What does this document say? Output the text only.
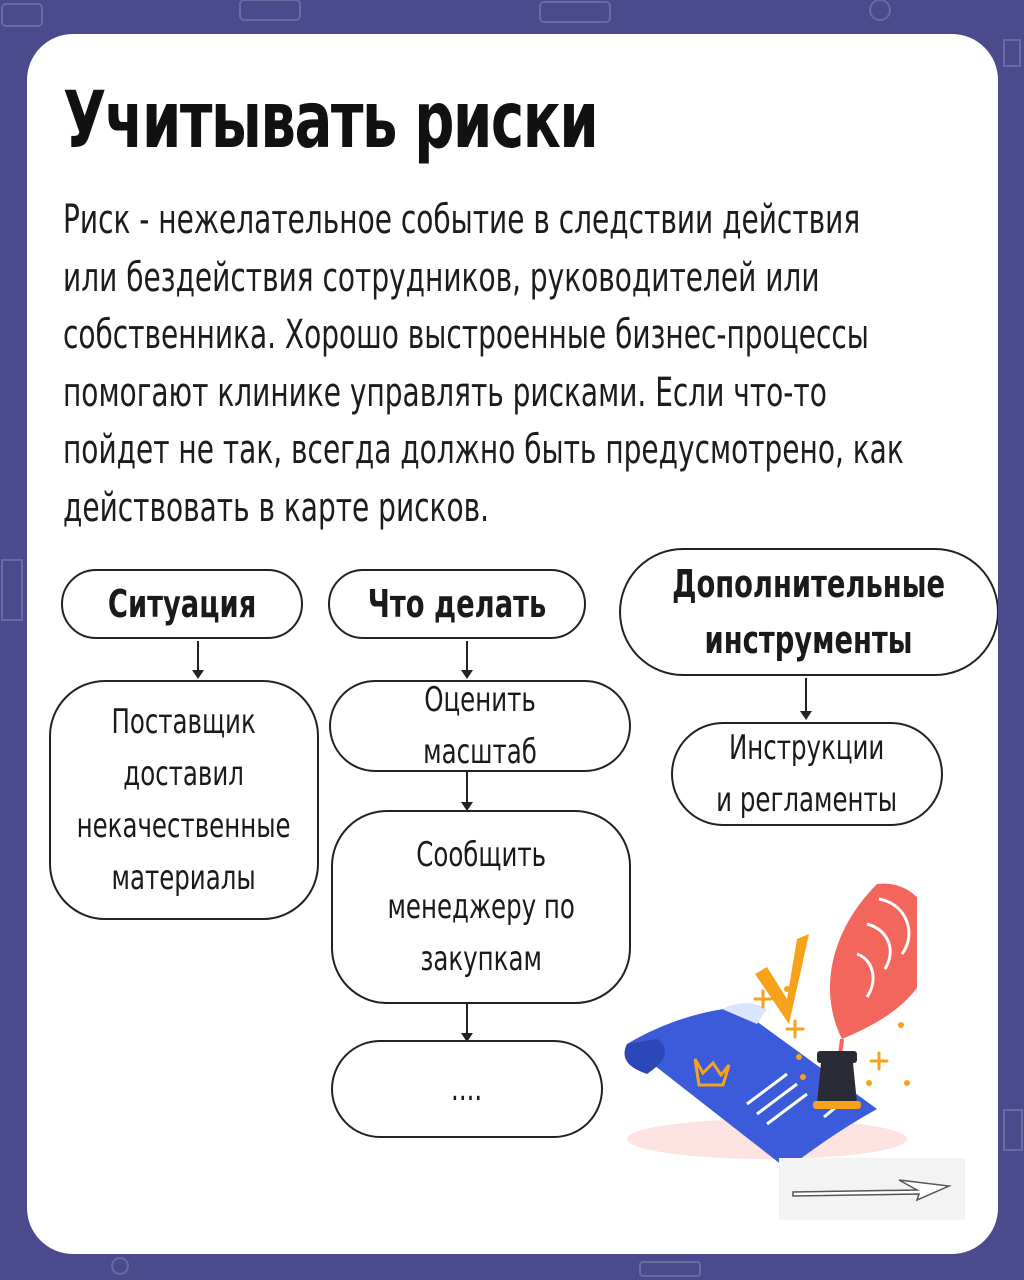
Учитывать риски

Риск - нежелательное событие в следствии действия
или бездействия сотрудников, руководителей или
собственника. Хорошо выстроенные бизнес-процессы
помогают клинике управлять рисками. Если что-то
пойдет не так, всегда должно быть предусмотрено, как
действовать в карте рисков.

Ситуация	Что делать	Дополнительные
инструменты
Поставщик
доставил
некачественные
материалы
Оценить масштаб
Сообщить
менеджеру по
закупкам
....
Инструкции
и регламенты
